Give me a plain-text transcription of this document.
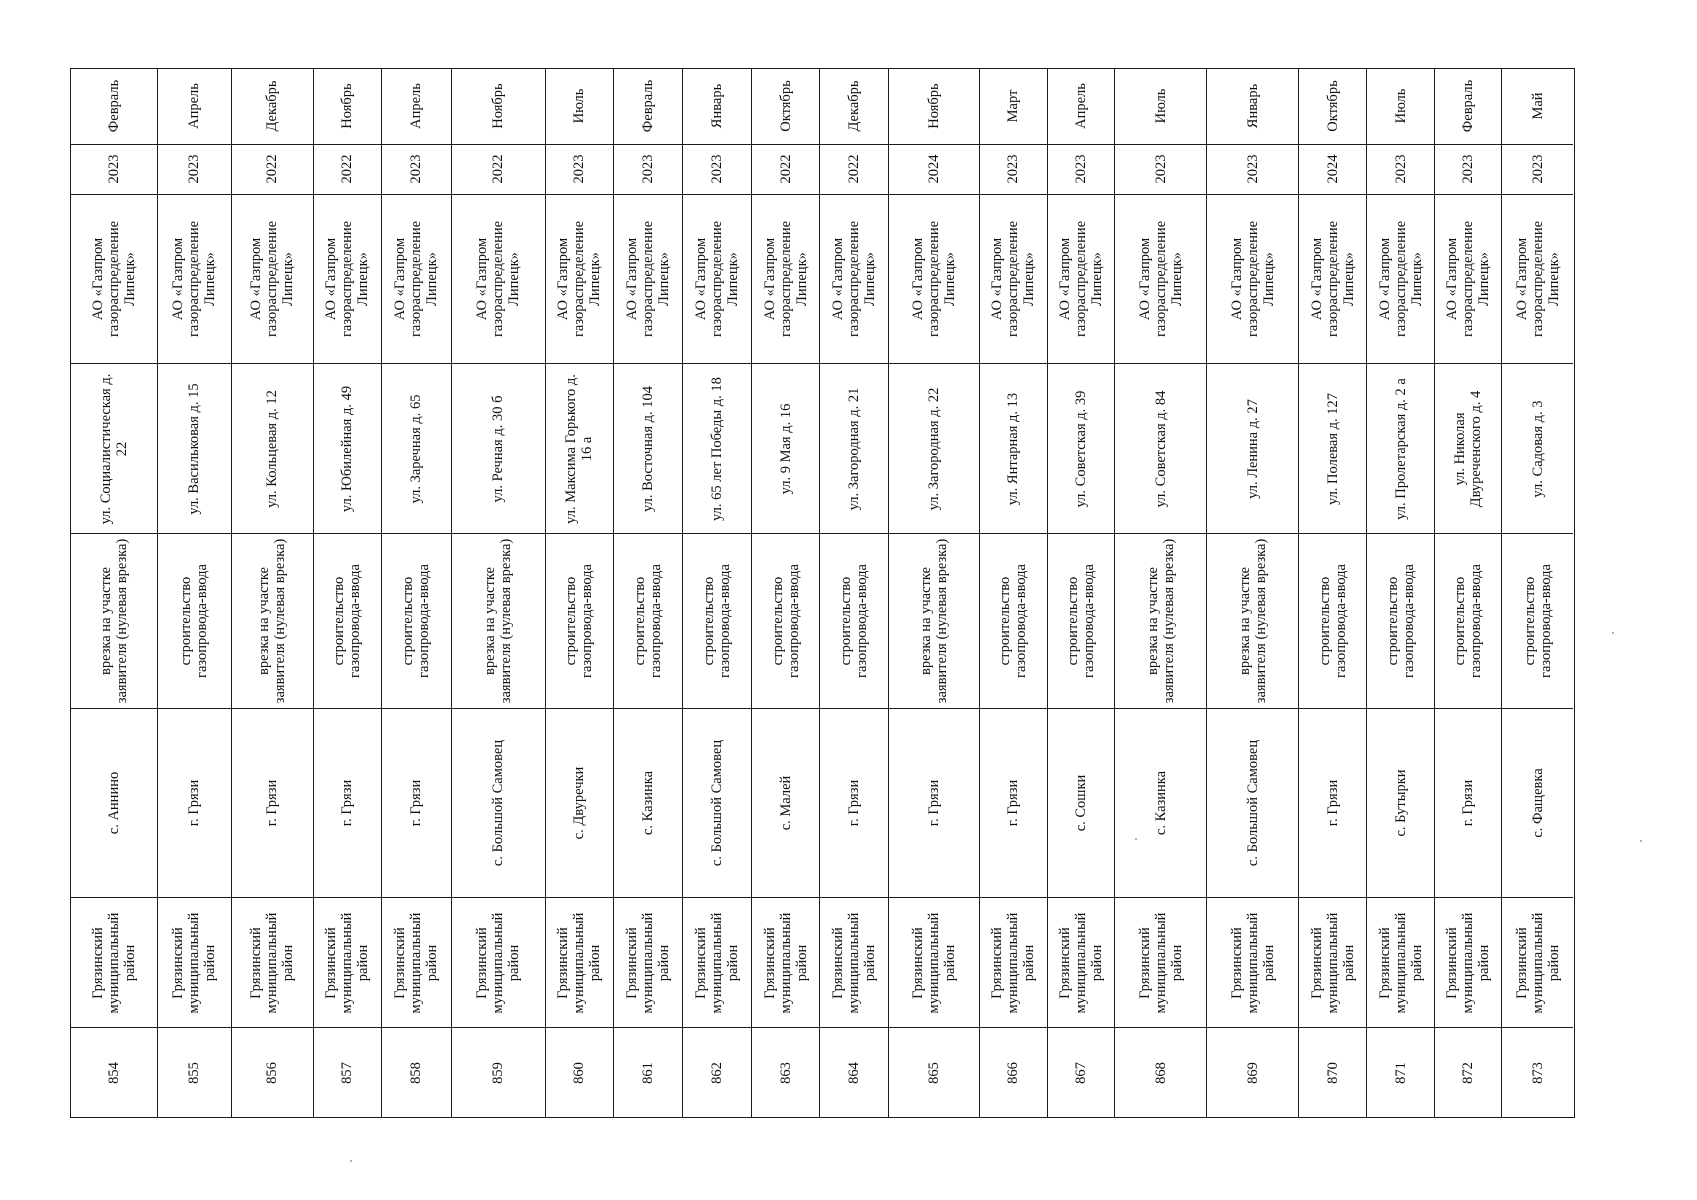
854
Грязинский муниципальный район
с. Аннино
врезка на участке заявителя (нулевая врезка)
ул. Социалистическая д. 22
АО «Газпром газораспределение Липецк»
2023
Февраль
855
Грязинский муниципальный район
г. Грязи
строительство газопровода-ввода
ул. Васильковая д. 15
АО «Газпром газораспределение Липецк»
2023
Апрель
856
Грязинский муниципальный район
г. Грязи
врезка на участке заявителя (нулевая врезка)
ул. Кольцевая д. 12
АО «Газпром газораспределение Липецк»
2022
Декабрь
857
Грязинский муниципальный район
г. Грязи
строительство газопровода-ввода
ул. Юбилейная д. 49
АО «Газпром газораспределение Липецк»
2022
Ноябрь
858
Грязинский муниципальный район
г. Грязи
строительство газопровода-ввода
ул. Заречная д. 65
АО «Газпром газораспределение Липецк»
2023
Апрель
859
Грязинский муниципальный район
с. Большой Самовец
врезка на участке заявителя (нулевая врезка)
ул. Речная д. 30 б
АО «Газпром газораспределение Липецк»
2022
Ноябрь
860
Грязинский муниципальный район
с. Двуречки
строительство газопровода-ввода
ул. Максима Горького д. 16 а
АО «Газпром газораспределение Липецк»
2023
Июль
861
Грязинский муниципальный район
с. Казинка
строительство газопровода-ввода
ул. Восточная д. 104
АО «Газпром газораспределение Липецк»
2023
Февраль
862
Грязинский муниципальный район
с. Большой Самовец
строительство газопровода-ввода
ул. 65 лет Победы д. 18
АО «Газпром газораспределение Липецк»
2023
Январь
863
Грязинский муниципальный район
с. Малей
строительство газопровода-ввода
ул. 9 Мая д. 16
АО «Газпром газораспределение Липецк»
2022
Октябрь
864
Грязинский муниципальный район
г. Грязи
строительство газопровода-ввода
ул. Загородная д. 21
АО «Газпром газораспределение Липецк»
2022
Декабрь
865
Грязинский муниципальный район
г. Грязи
врезка на участке заявителя (нулевая врезка)
ул. Загородная д. 22
АО «Газпром газораспределение Липецк»
2024
Ноябрь
866
Грязинский муниципальный район
г. Грязи
строительство газопровода-ввода
ул. Янтарная д. 13
АО «Газпром газораспределение Липецк»
2023
Март
867
Грязинский муниципальный район
с. Сошки
строительство газопровода-ввода
ул. Советская д. 39
АО «Газпром газораспределение Липецк»
2023
Апрель
868
Грязинский муниципальный район
с. Казинка
врезка на участке заявителя (нулевая врезка)
ул. Советская д. 84
АО «Газпром газораспределение Липецк»
2023
Июль
869
Грязинский муниципальный район
с. Большой Самовец
врезка на участке заявителя (нулевая врезка)
ул. Ленина д. 27
АО «Газпром газораспределение Липецк»
2023
Январь
870
Грязинский муниципальный район
г. Грязи
строительство газопровода-ввода
ул. Полевая д. 127
АО «Газпром газораспределение Липецк»
2024
Октябрь
871
Грязинский муниципальный район
с. Бутырки
строительство газопровода-ввода
ул. Пролетарская д. 2 а
АО «Газпром газораспределение Липецк»
2023
Июль
872
Грязинский муниципальный район
г. Грязи
строительство газопровода-ввода
ул. Николая Двуреченского д. 4
АО «Газпром газораспределение Липецк»
2023
Февраль
873
Грязинский муниципальный район
с. Фащевка
строительство газопровода-ввода
ул. Садовая д. 3
АО «Газпром газораспределение Липецк»
2023
Май
